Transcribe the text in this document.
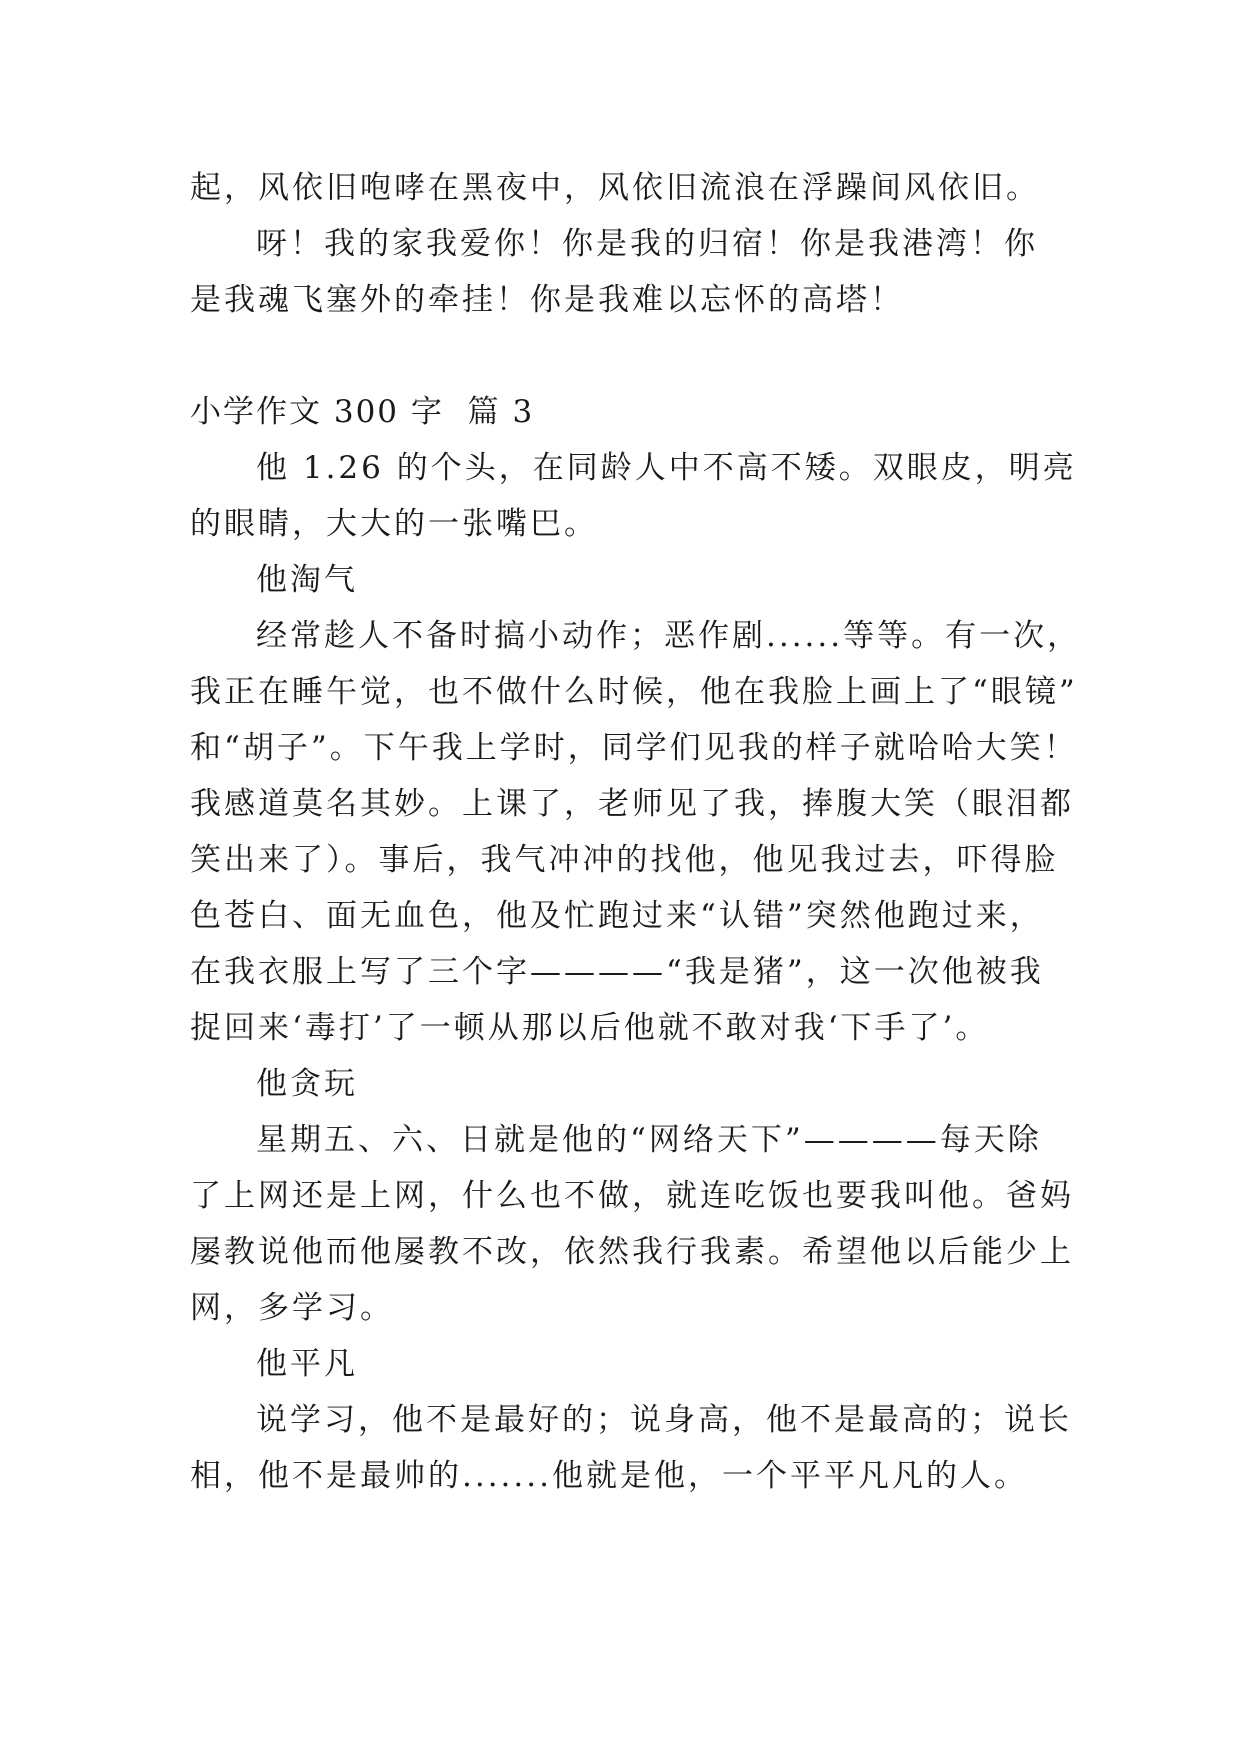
起，风依旧咆哮在黑夜中，风依旧流浪在浮躁间风依旧。
呀！我的家我爱你！你是我的归宿！你是我港湾！你
是我魂飞塞外的牵挂！你是我难以忘怀的高塔！
小学作文 300 字  篇 3
他 1.26 的个头，在同龄人中不高不矮。双眼皮，明亮
的眼睛，大大的一张嘴巴。
他淘气
经常趁人不备时搞小动作；恶作剧......等等。有一次，
我正在睡午觉，也不做什么时候，他在我脸上画上了“眼镜”
和“胡子”。下午我上学时，同学们见我的样子就哈哈大笑！
我感道莫名其妙。上课了，老师见了我，捧腹大笑（眼泪都
笑出来了）。事后，我气冲冲的找他，他见我过去，吓得脸
色苍白、面无血色，他及忙跑过来“认错”突然他跑过来，
在我衣服上写了三个字————“我是猪”，这一次他被我
捉回来‘毒打’了一顿从那以后他就不敢对我‘下手了’。
他贪玩
星期五、六、日就是他的“网络天下”————每天除
了上网还是上网，什么也不做，就连吃饭也要我叫他。爸妈
屡教说他而他屡教不改，依然我行我素。希望他以后能少上
网，多学习。
他平凡
说学习，他不是最好的；说身高，他不是最高的；说长
相，他不是最帅的.......他就是他，一个平平凡凡的人。
